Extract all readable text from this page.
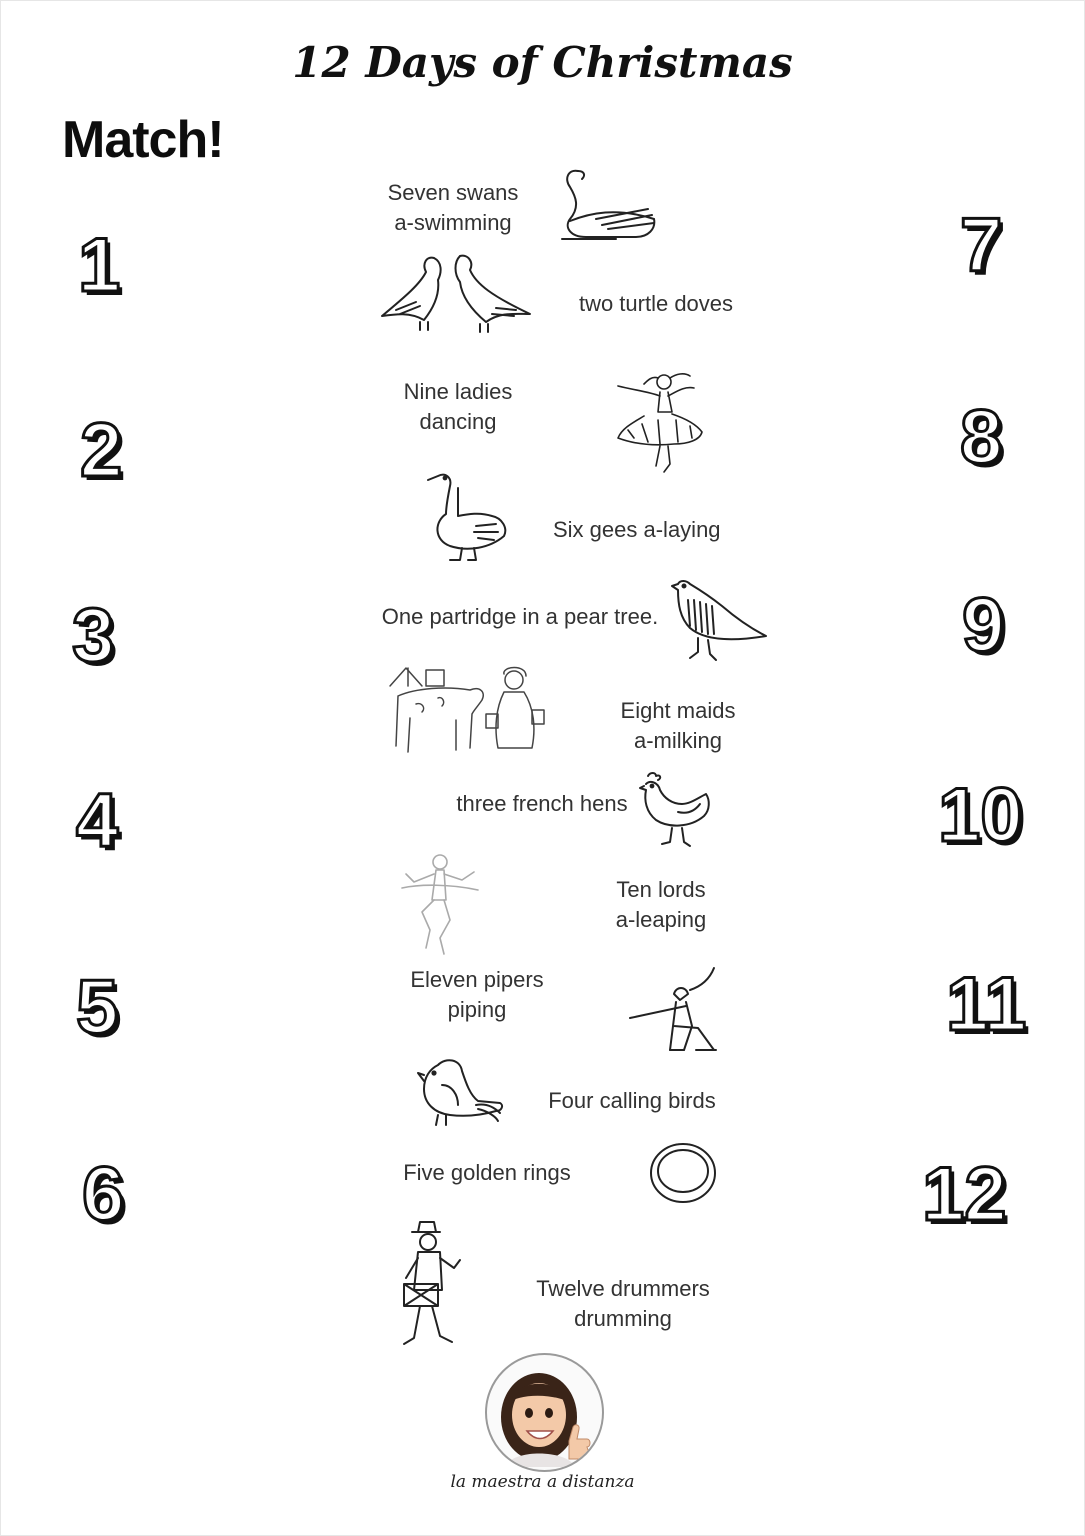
12 Days of Christmas
Match!
1
2
3
4
5
6
7
8
9
10
11
12
Seven swans
a-swimming
two turtle doves
Nine ladies
dancing
Six gees a-laying
One partridge in a pear tree.
Eight maids
a-milking
three french hens
Ten lords
a-leaping
Eleven pipers
piping
Four calling birds
Five golden rings
Twelve drummers
drumming
la maestra a distanza
